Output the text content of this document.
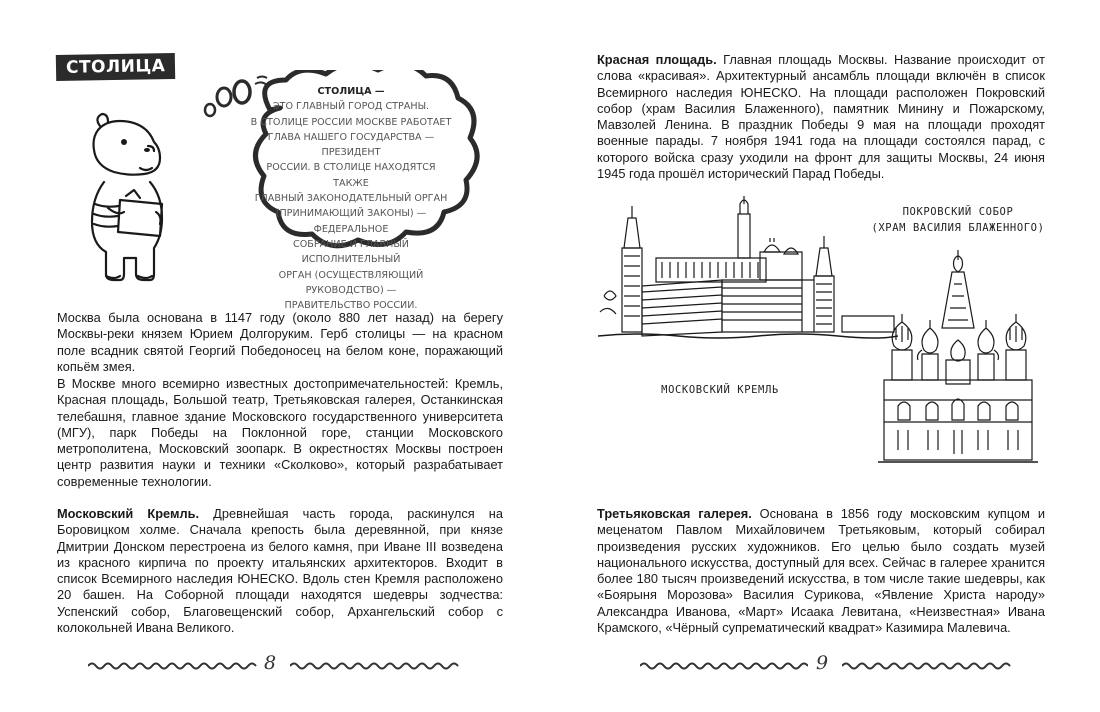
СТОЛИЦА
СТОЛИЦА —
ЭТО ГЛАВНЫЙ ГОРОД СТРАНЫ.
В СТОЛИЦЕ РОССИИ МОСКВЕ РАБОТАЕТ
ГЛАВА НАШЕГО ГОСУДАРСТВА — ПРЕЗИДЕНТ
РОССИИ. В СТОЛИЦЕ НАХОДЯТСЯ ТАКЖЕ
ГЛАВНЫЙ ЗАКОНОДАТЕЛЬНЫЙ ОРГАН
(ПРИНИМАЮЩИЙ ЗАКОНЫ) — ФЕДЕРАЛЬНОЕ
СОБРАНИЕ И ГЛАВНЫЙ ИСПОЛНИТЕЛЬНЫЙ
ОРГАН (ОСУЩЕСТВЛЯЮЩИЙ
РУКОВОДСТВО) —
ПРАВИТЕЛЬСТВО РОССИИ.

Москва была основана в 1147 году (около 880 лет назад) на берегу Москвы-реки князем Юрием Долгоруким. Герб столицы — на красном поле всадник святой Георгий Победоносец на белом коне, поражающий копьём змея.

В Москве много всемирно известных достопримечательностей: Кремль, Красная площадь, Большой театр, Третьяковская галерея, Останкинская телебашня, главное здание Московского государственного университета (МГУ), парк Победы на Поклонной горе, станции Московского метрополитена, Московский зоопарк. В окрестностях Москвы построен центр развития науки и техники «Сколково», который разрабатывает современные технологии.

Московский Кремль. Древнейшая часть города, раскинулся на Боровицком холме. Сначала крепость была деревянной, при князе Дмитрии Донском перестроена из белого камня, при Иване III возведена из красного кирпича по проекту итальянских архитекторов. Входит в список Всемирного наследия ЮНЕСКО. Вдоль стен Кремля расположено 20 башен. На Соборной площади находятся шедевры зодчества: Успенский собор, Благовещенский собор, Архангельский собор с колокольней Ивана Великого.

8

Красная площадь. Главная площадь Москвы. Название происходит от слова «красивая». Архитектурный ансамбль площади включён в список Всемирного наследия ЮНЕСКО. На площади расположен Покровский собор (храм Василия Блаженного), памятник Минину и Пожарскому, Мавзолей Ленина. В праздник Победы 9 мая на площади проходят военные парады. 7 ноября 1941 года на площади состоялся парад, с которого войска сразу уходили на фронт для защиты Москвы, 24 июня 1945 года прошёл исторический Парад Победы.

МОСКОВСКИЙ КРЕМЛЬ
ПОКРОВСКИЙ СОБОР
(ХРАМ ВАСИЛИЯ БЛАЖЕННОГО)

Третьяковская галерея. Основана в 1856 году московским купцом и меценатом Павлом Михайловичем Третьяковым, который собирал произведения русских художников. Его целью было создать музей национального искусства, доступный для всех. Сейчас в галерее хранится более 180 тысяч произведений искусства, в том числе такие шедевры, как «Боярыня Морозова» Василия Сурикова, «Явление Христа народу» Александра Иванова, «Март» Исаака Левитана, «Неизвестная» Ивана Крамского, «Чёрный супрематический квадрат» Казимира Малевича.

9
